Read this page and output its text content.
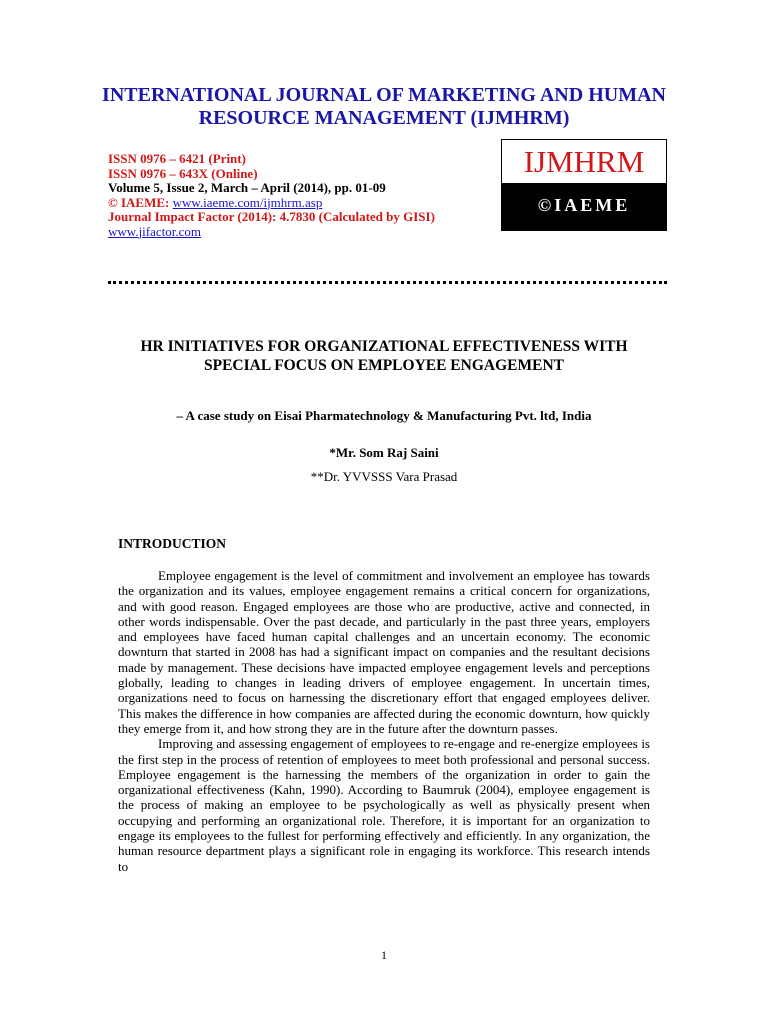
INTERNATIONAL JOURNAL OF MARKETING AND HUMAN
RESOURCE MANAGEMENT (IJMHRM)
ISSN 0976 – 6421 (Print)
ISSN 0976 – 643X (Online)
Volume 5, Issue 2, March – April (2014), pp. 01-09
© IAEME: www.iaeme.com/ijmhrm.asp
Journal Impact Factor (2014): 4.7830 (Calculated by GISI)
www.jifactor.com
IJMHRM
©IAEME
HR INITIATIVES FOR ORGANIZATIONAL EFFECTIVENESS WITH
SPECIAL FOCUS ON EMPLOYEE ENGAGEMENT
– A case study on Eisai Pharmatechnology & Manufacturing Pvt. ltd, India
*Mr. Som Raj Saini
**Dr. YVVSSS Vara Prasad
INTRODUCTION

Employee engagement is the level of commitment and involvement an employee has towards the organization and its values, employee engagement remains a critical concern for organizations, and with good reason. Engaged employees are those who are productive, active and connected, in other words indispensable. Over the past decade, and particularly in the past three years, employers and employees have faced human capital challenges and an uncertain economy. The economic downturn that started in 2008 has had a significant impact on companies and the resultant decisions made by management. These decisions have impacted employee engagement levels and perceptions globally, leading to changes in leading drivers of employee engagement. In uncertain times, organizations need to focus on harnessing the discretionary effort that engaged employees deliver. This makes the difference in how companies are affected during the economic downturn, how quickly they emerge from it, and how strong they are in the future after the downturn passes.

Improving and assessing engagement of employees to re-engage and re-energize employees is the first step in the process of retention of employees to meet both professional and personal success. Employee engagement is the harnessing the members of the organization in order to gain the organizational effectiveness (Kahn, 1990). According to Baumruk (2004), employee engagement is the process of making an employee to be psychologically as well as physically present when occupying and performing an organizational role. Therefore, it is important for an organization to engage its employees to the fullest for performing effectively and efficiently. In any organization, the human resource department plays a significant role in engaging its workforce. This research intends to

1
